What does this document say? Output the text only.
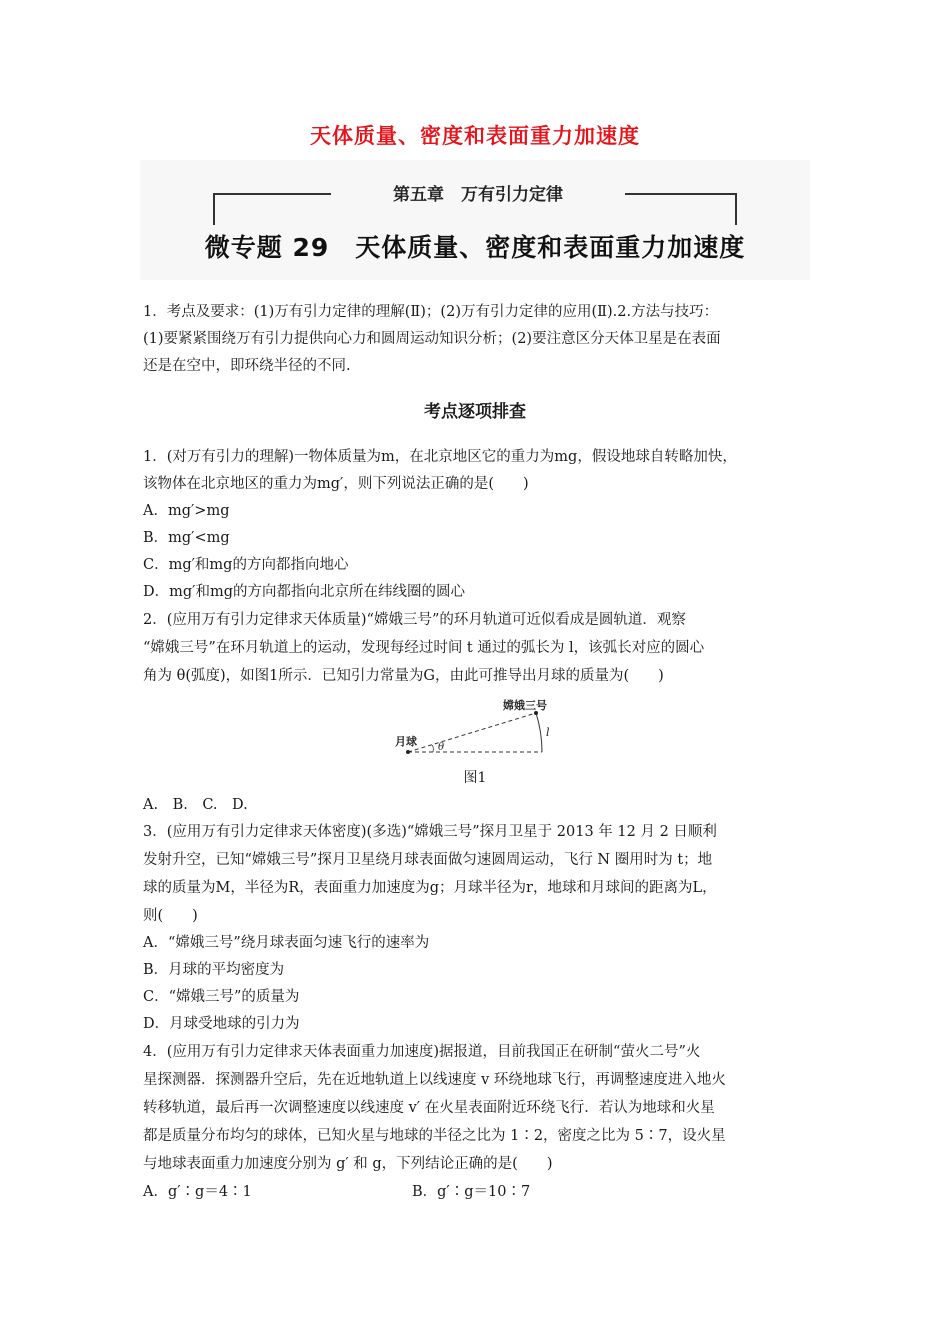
天体质量、密度和表面重力加速度
第五章　万有引力定律
微专题 29　天体质量、密度和表面重力加速度
1．考点及要求：(1)万有引力定律的理解(Ⅱ)；(2)万有引力定律的应用(Ⅱ).2.方法与技巧：
(1)要紧紧围绕万有引力提供向心力和圆周运动知识分析；(2)要注意区分天体卫星是在表面
还是在空中，即环绕半径的不同.
考点逐项排查
1．(对万有引力的理解)一物体质量为m，在北京地区它的重力为mg，假设地球自转略加快，
该物体在北京地区的重力为mg′，则下列说法正确的是(　　)
A．mg′>mg
B．mg′<mg
C．mg′和mg的方向都指向地心
D．mg′和mg的方向都指向北京所在纬线圈的圆心
2．(应用万有引力定律求天体质量)“嫦娥三号”的环月轨道可近似看成是圆轨道．观察
“嫦娥三号”在环月轨道上的运动，发现每经过时间 t 通过的弧长为 l，该弧长对应的圆心
角为 θ(弧度)，如图1所示．已知引力常量为G，由此可推导出月球的质量为(　　)
嫦娥三号
月球
l
θ
图1
A.　B.　C.　D.
3．(应用万有引力定律求天体密度)(多选)“嫦娥三号”探月卫星于 2013 年 12 月 2 日顺利
发射升空，已知“嫦娥三号”探月卫星绕月球表面做匀速圆周运动，飞行 N 圈用时为 t；地
球的质量为M，半径为R，表面重力加速度为g；月球半径为r，地球和月球间的距离为L，
则(　　)
A．“嫦娥三号”绕月球表面匀速飞行的速率为
B．月球的平均密度为
C．“嫦娥三号”的质量为
D．月球受地球的引力为
4．(应用万有引力定律求天体表面重力加速度)据报道，目前我国正在研制“萤火二号”火
星探测器．探测器升空后，先在近地轨道上以线速度 v 环绕地球飞行，再调整速度进入地火
转移轨道，最后再一次调整速度以线速度 v′ 在火星表面附近环绕飞行．若认为地球和火星
都是质量分布均匀的球体，已知火星与地球的半径之比为 1∶2，密度之比为 5∶7，设火星
与地球表面重力加速度分别为 g′ 和 g，下列结论正确的是(　　)
A．g′∶g＝4∶1	B．g′∶g＝10∶7
